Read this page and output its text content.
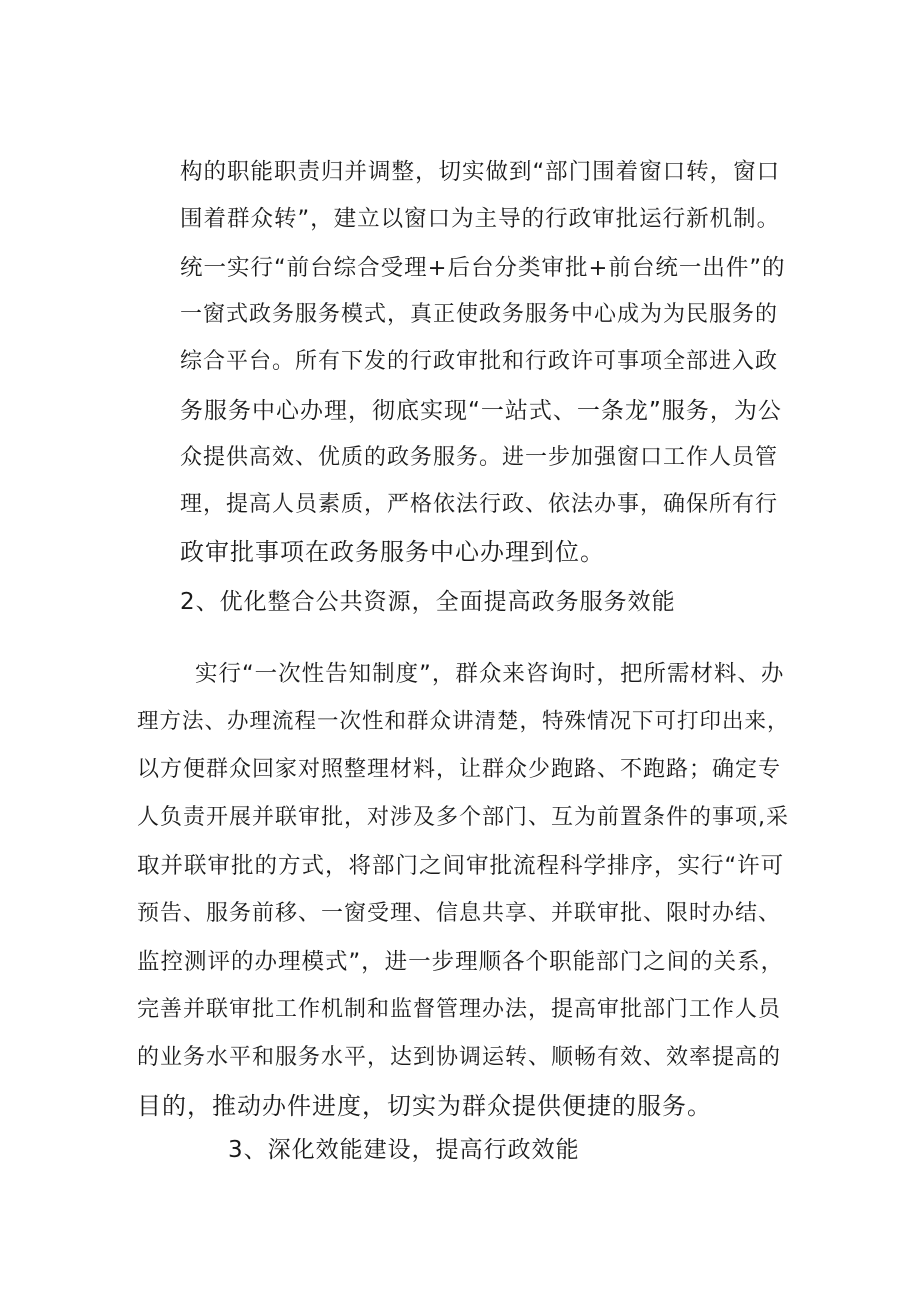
构的职能职责归并调整，切实做到“部门围着窗口转，窗口
围着群众转”，建立以窗口为主导的行政审批运行新机制。
统一实行“前台综合受理+后台分类审批+前台统一出件”的
一窗式政务服务模式，真正使政务服务中心成为为民服务的
综合平台。所有下发的行政审批和行政许可事项全部进入政
务服务中心办理，彻底实现“一站式、一条龙”服务，为公
众提供高效、优质的政务服务。进一步加强窗口工作人员管
理，提高人员素质，严格依法行政、依法办事，确保所有行
政审批事项在政务服务中心办理到位。
2、优化整合公共资源，全面提高政务服务效能
实行“一次性告知制度”，群众来咨询时，把所需材料、办
理方法、办理流程一次性和群众讲清楚，特殊情况下可打印出来，
以方便群众回家对照整理材料，让群众少跑路、不跑路；确定专
人负责开展并联审批，对涉及多个部门、互为前置条件的事项,采
取并联审批的方式，将部门之间审批流程科学排序，实行“许可
预告、服务前移、一窗受理、信息共享、并联审批、限时办结、
监控测评的办理模式”，进一步理顺各个职能部门之间的关系，
完善并联审批工作机制和监督管理办法，提高审批部门工作人员
的业务水平和服务水平，达到协调运转、顺畅有效、效率提高的
目的，推动办件进度，切实为群众提供便捷的服务。
3、深化效能建设，提高行政效能
